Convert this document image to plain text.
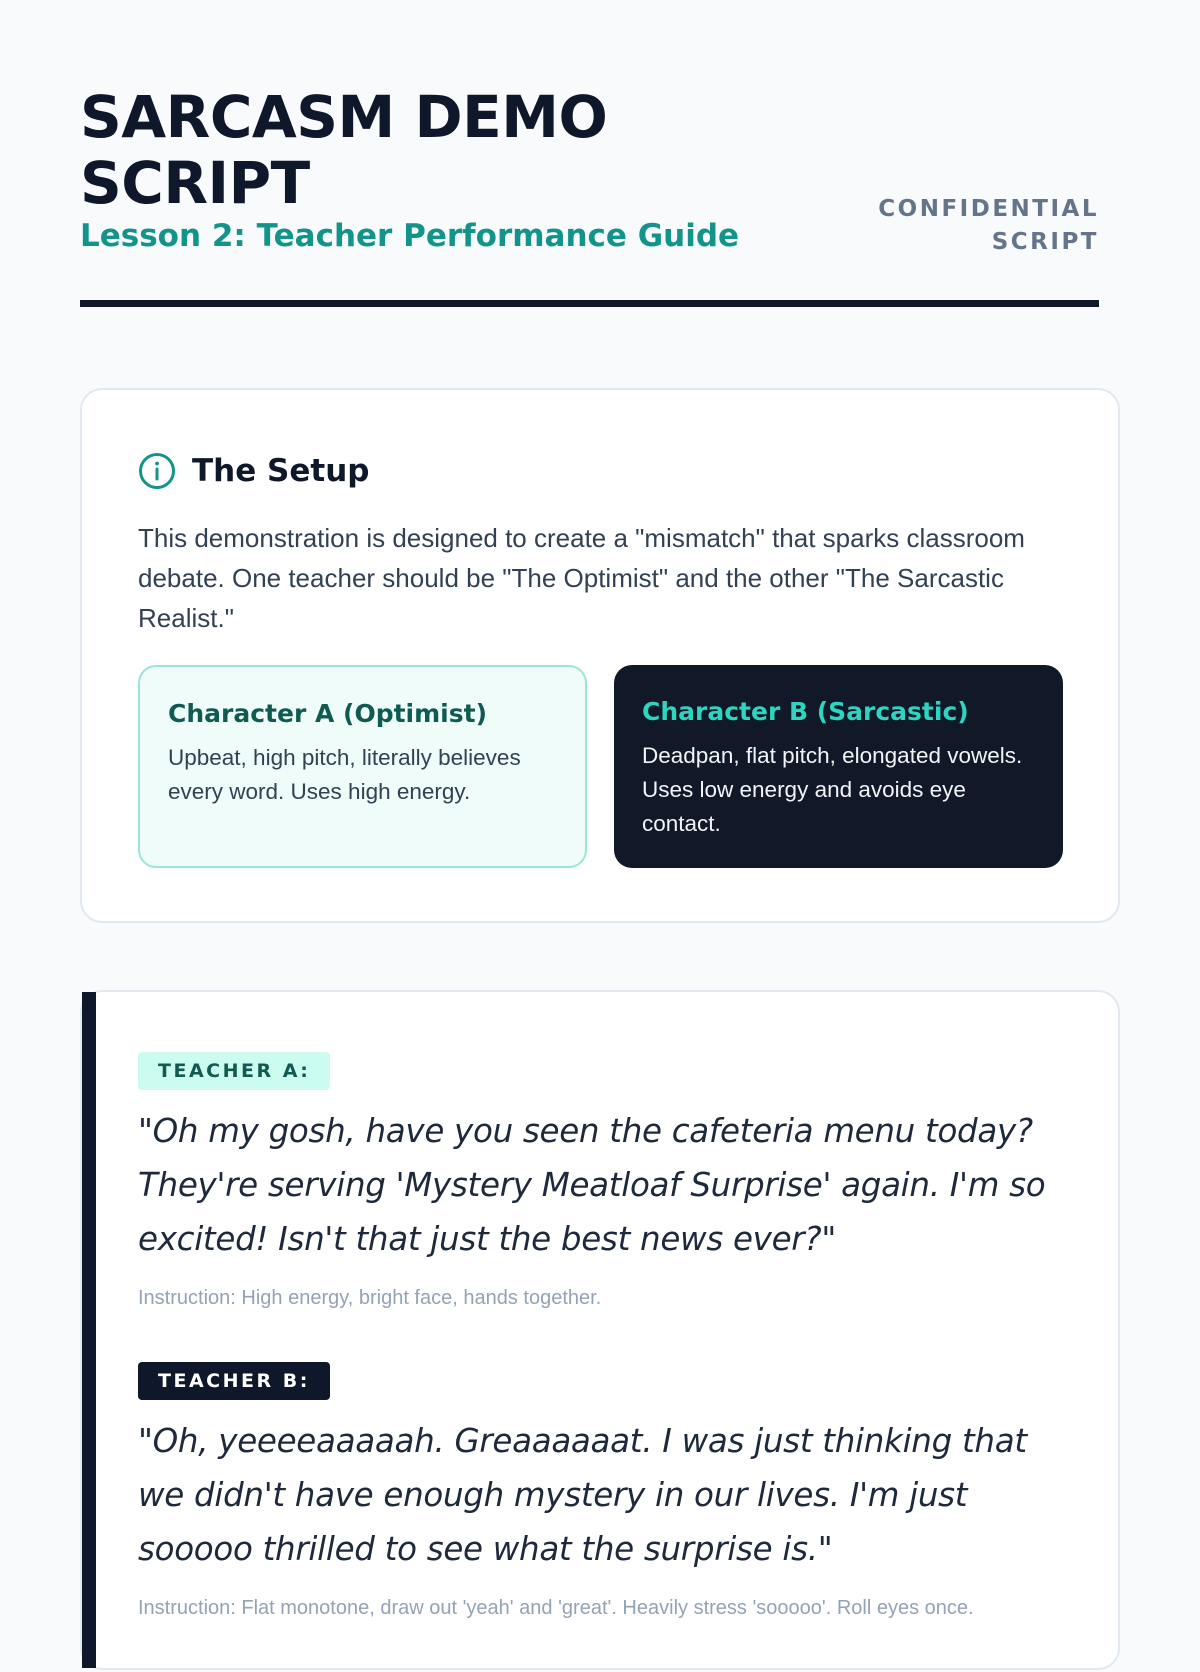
SARCASM DEMO SCRIPT
Lesson 2: Teacher Performance Guide
CONFIDENTIAL SCRIPT
The Setup

This demonstration is designed to create a "mismatch" that sparks classroom debate. One teacher should be "The Optimist" and the other "The Sarcastic Realist."

Character A (Optimist)
Upbeat, high pitch, literally believes every word. Uses high energy.
Character B (Sarcastic)
Deadpan, flat pitch, elongated vowels. Uses low energy and avoids eye contact.
TEACHER A:

"Oh my gosh, have you seen the cafeteria menu today? They're serving 'Mystery Meatloaf Surprise' again. I'm so excited! Isn't that just the best news ever?"

Instruction: High energy, bright face, hands together.

TEACHER B:

"Oh, yeeeeaaaaah. Greaaaaaat. I was just thinking that we didn't have enough mystery in our lives. I'm just sooooo thrilled to see what the surprise is."

Instruction: Flat monotone, draw out 'yeah' and 'great'. Heavily stress 'sooooo'. Roll eyes once.
